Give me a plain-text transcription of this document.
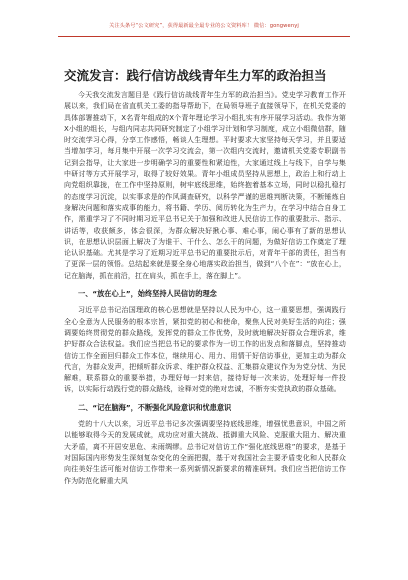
关注头条号“公文研究”，获得最新最全最专业的公文资料库！ 微信：gongwenyj
交流发言：践行信访战线青年生力军的政治担当

今天我交流发言题目是《践行信访战线青年生力军的政治担当》。党史学习教育工作开展以来，我们局在省直机关工委的指导帮助下，在局领导班子直接领导下，在机关党委的具体部署推动下，X名青年组成的X个青年理论学习小组扎实有序开展学习活动。我作为第X小组的组长，与组内同志共同研究制定了小组学习计划和学习制度，成立小组微信群，随时交流学习心得，分享工作感悟，畅谈人生理想。平时要求大家坚持每天学习，并且要适当增加学习，每月集中开展一次学习交流会，第一次组内交流时，邀请机关党委专职副书记到会指导，让大家进一步明确学习的重要性和紧迫性，大家通过线上与线下，自学与集中研讨等方式开展学习，取得了较好效果。青年小组成员坚持从思想上，政治上和行动上向党组织靠拢，在工作中坚持原则，树牢底线思维，始终抱着基本立场，同时以稳扎稳打的态度学习沉淀，以实事求是的作风调查研究，以科学严谨的思维判断决策，不断锤炼自身解决问题和落实成事的能力，将书籍、学历、阅历转化为生产力，在学习中结合自身工作，需重学习了不同时期习近平总书记关于加强和改进人民信访工作的重要批示、指示、讲话等，收获颇多，体会很深，为群众解决好揪心事、难心事，闹心事有了新的思想认识，在思想认识层面上解决了为谁干、干什么、怎么干的问题，为做好信访工作奠定了理论认识基础。尤其是学习了近期习近平总书记的重要批示后，对青年干部的责任，担当有了更深一层的领悟。总结起来就是要全身心地落实政治担当，做到“八个在”：“放在心上，记在脑海，抓在前沿，扛在肩头，抓在手上，落在脚上”。

一、“放在心上”，始终坚持人民信访的理念

习近平总书记治国理政的核心思想就是坚持以人民为中心，这一重要思想，强调践行全心全意为人民服务的根本宗旨，紧扣党的初心和使命，聚焦人民对美好生活的向往；强调要始终贯彻党的群众路线，发挥党的群众工作优势，及时就地解决好群众合理诉求，维护好群众合法权益。我们应当把总书记的要求作为一切工作的出发点和落脚点，坚持推动信访工作全面回归群众工作本位，继续用心、用力、用情干好信访事业，更加主动为群众代言，为群众发声，把倾听群众诉求、维护群众权益、汇集群众建议作为为党分忧、为民解难，联系群众的重要举措，办理好每一封来信，接待好每一次来访，处理好每一件投诉，以实际行动践行党的群众路线，诠释对党的绝对忠诚，不断夯实党执政的群众基础。

二、“记在脑海”，不断强化风险意识和忧患意识

党的十八大以来，习近平总书记多次强调要坚持底线思维，增强忧患意识，中国之所以能够取得今天的发展成就，成功应对重大挑战、抵御重大风险、克服重大阻力、解决重大矛盾，离不开居安思危、未雨绸缪。总书记对信访工作“强化底线思维”的要求，是基于对国际国内形势发生深刻复杂变化的全面把握，基于对我国社会主要矛盾变化和人民群众向往美好生活可能对信访工作带来一系列新情况新要求的精准研判。我们应当把信访工作作为防范化解重大风
